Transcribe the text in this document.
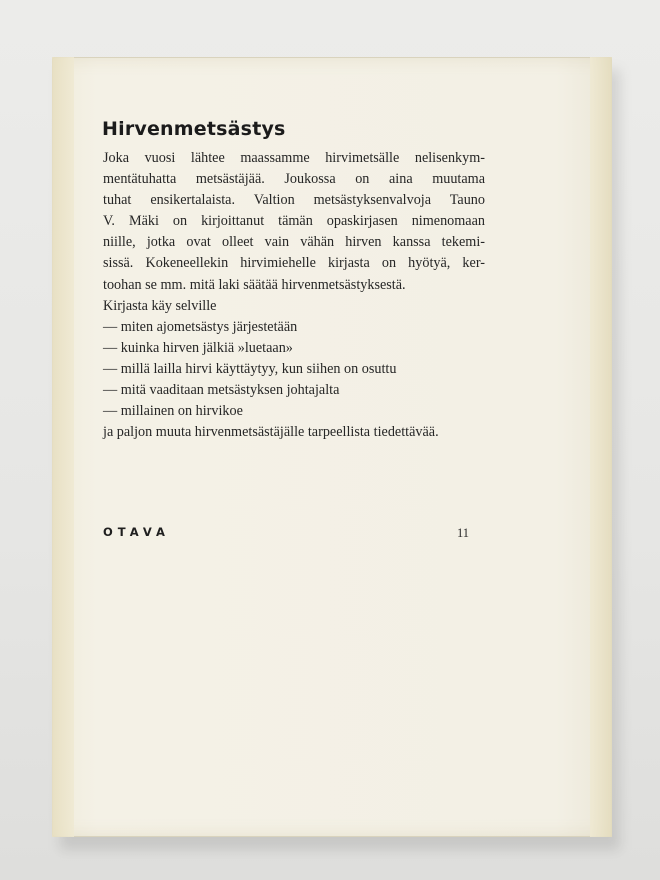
Hirvenmetsästys

Joka vuosi lähtee maassamme hirvimetsälle nelisenkym-
mentätuhatta metsästäjää. Joukossa on aina muutama
tuhat ensikertalaista. Valtion metsästyksenvalvoja Tauno
V. Mäki on kirjoittanut tämän opaskirjasen nimenomaan
niille, jotka ovat olleet vain vähän hirven kanssa tekemi-
sissä. Kokeneellekin hirvimiehelle kirjasta on hyötyä, ker-
toohan se mm. mitä laki säätää hirvenmetsästyksestä.
Kirjasta käy selville
— miten ajometsästys järjestetään
— kuinka hirven jälkiä »luetaan»
— millä lailla hirvi käyttäytyy, kun siihen on osuttu
— mitä vaaditaan metsästyksen johtajalta
— millainen on hirvikoe
ja paljon muuta hirvenmetsästäjälle tarpeellista tiedettävää.

OTAVA	11
